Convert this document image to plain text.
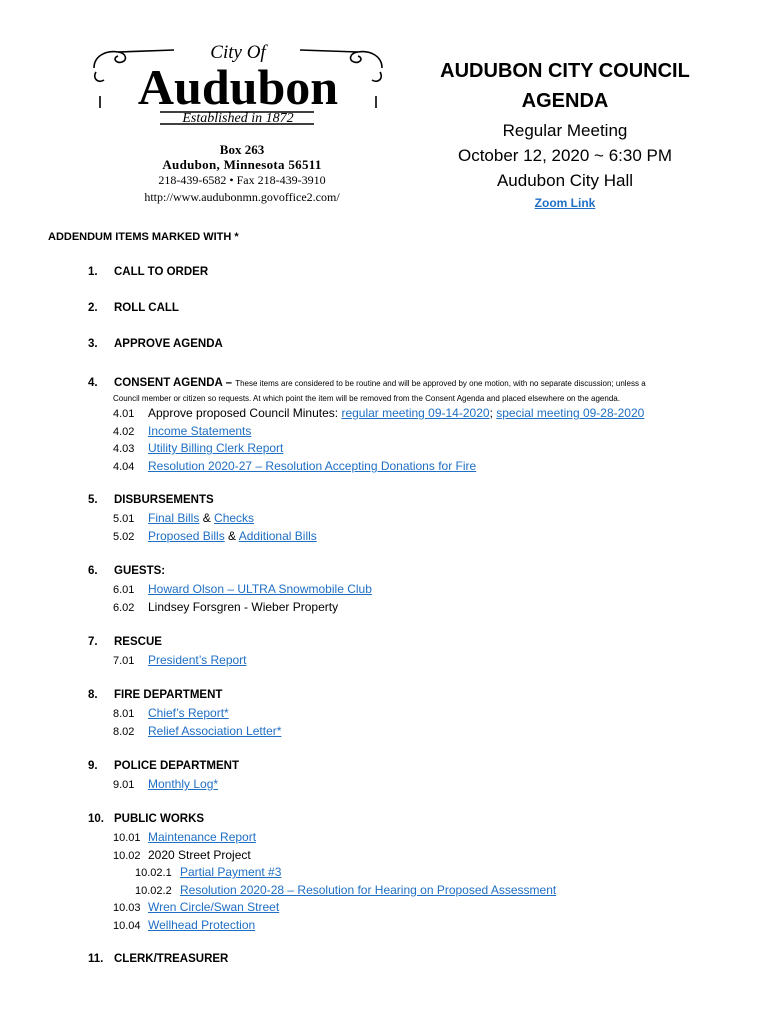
City Of
Audubon
Established in 1872
Box 263
Audubon, Minnesota 56511
218-439-6582 • Fax 218-439-3910
http://www.audubonmn.govoffice2.com/
AUDUBON CITY COUNCIL
AGENDA
Regular Meeting
October 12, 2020 ~ 6:30 PM
Audubon City Hall
Zoom Link
ADDENDUM ITEMS MARKED WITH *
1. CALL TO ORDER
2. ROLL CALL
3. APPROVE AGENDA
4. CONSENT AGENDA – These items are considered to be routine and will be approved by one motion, with no separate discussion; unless a
Council member or citizen so requests. At which point the item will be removed from the Consent Agenda and placed elsewhere on the agenda.
4.01 Approve proposed Council Minutes: regular meeting 09-14-2020; special meeting 09-28-2020
4.02 Income Statements
4.03 Utility Billing Clerk Report
4.04 Resolution 2020-27 – Resolution Accepting Donations for Fire
5. DISBURSEMENTS
5.01 Final Bills & Checks
5.02 Proposed Bills & Additional Bills
6. GUESTS:
6.01 Howard Olson – ULTRA Snowmobile Club
6.02 Lindsey Forsgren - Wieber Property
7. RESCUE
7.01 President’s Report
8. FIRE DEPARTMENT
8.01 Chief’s Report*
8.02 Relief Association Letter*
9. POLICE DEPARTMENT
9.01 Monthly Log*
10. PUBLIC WORKS
10.01 Maintenance Report
10.02 2020 Street Project
10.02.1 Partial Payment #3
10.02.2 Resolution 2020-28 – Resolution for Hearing on Proposed Assessment
10.03 Wren Circle/Swan Street
10.04 Wellhead Protection
11. CLERK/TREASURER
